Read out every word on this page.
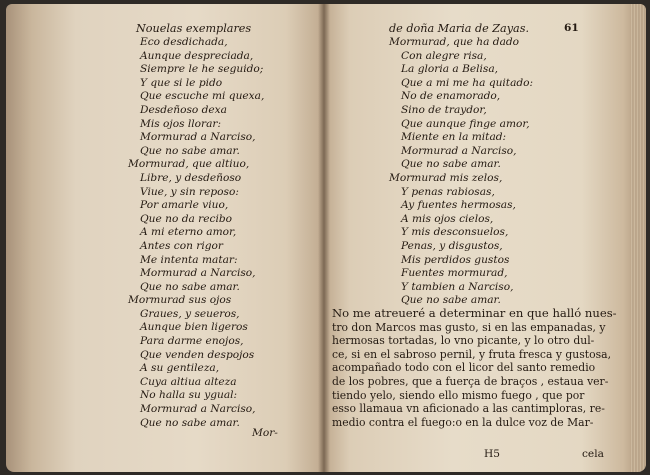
Nouelas exemplares
Eco desdichada,
Aunque despreciada,
Siempre le he seguido;
Y que si le pido
Que escuche mi quexa,
Desdeñoso dexa
Mis ojos llorar:
Mormurad a Narciso,
Que no sabe amar.
Mormurad, que altiuo,
Libre, y desdeñoso
Viue, y sin reposo:
Por amarle viuo,
Que no da recibo
A mi eterno amor,
Antes con rigor
Me intenta matar:
Mormurad a Narciso,
Que no sabe amar.
Mormurad sus ojos
Graues, y seueros,
Aunque bien ligeros
Para darme enojos,
Que venden despojos
A su gentileza,
Cuya altiua alteza
No halla su ygual:
Mormurad a Narciso,
Que no sabe amar.
Mor-
de doña Maria de Zayas.	61
Mormurad, que ha dado
Con alegre risa,
La gloria a Belisa,
Que a mi me ha quitado:
No de enamorado,
Sino de traydor,
Que aunque finge amor,
Miente en la mitad:
Mormurad a Narciso,
Que no sabe amar.
Mormurad mis zelos,
Y penas rabiosas,
Ay fuentes hermosas,
A mis ojos cielos,
Y mis desconsuelos,
Penas, y disgustos,
Mis perdidos gustos
Fuentes mormurad,
Y tambien a Narciso,
Que no sabe amar.
No me atreueré a determinar en que halló nues-
tro don Marcos mas gusto, si en las empanadas, y
hermosas tortadas, lo vno picante, y lo otro dul-
ce, si en el sabroso pernil, y fruta fresca y gustosa,
acompañado todo con el licor del santo remedio
de los pobres, que a fuerça de braços , estaua ver-
tiendo yelo, siendo ello mismo fuego , que por
esso llamaua vn aficionado a las cantimploras, re-
medio contra el fuego:o en la dulce voz de Mar-
H5	cela
